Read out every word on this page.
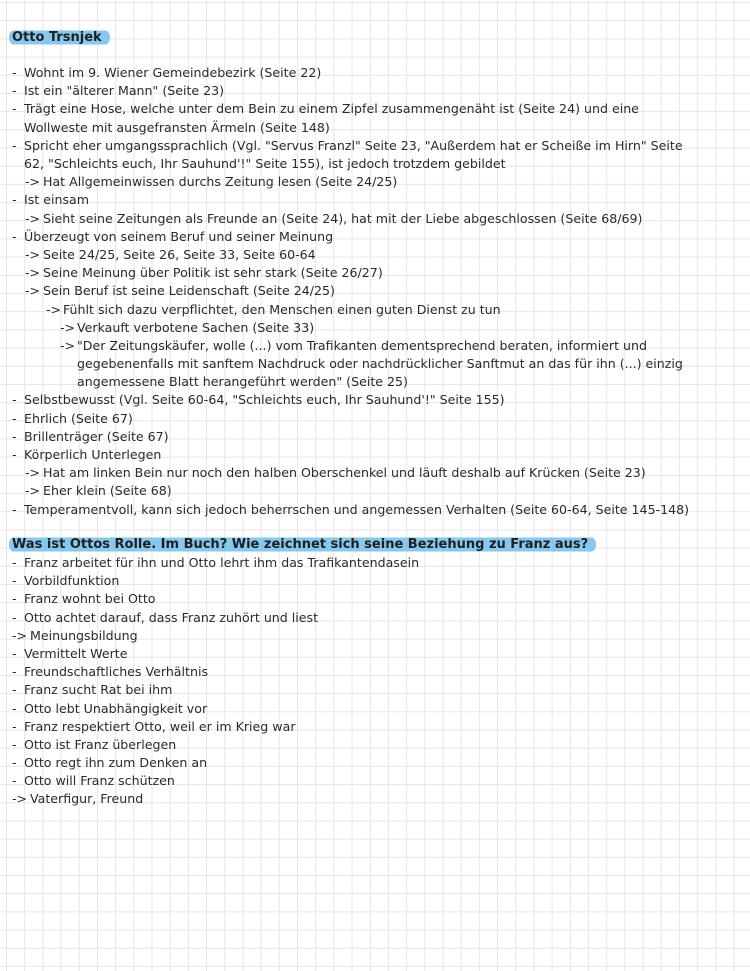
Otto Trsnjek
- Wohnt im 9. Wiener Gemeindebezirk (Seite 22)
- Ist ein "älterer Mann" (Seite 23)
- Trägt eine Hose, welche unter dem Bein zu einem Zipfel zusammengenäht ist (Seite 24) und eine Wollweste mit ausgefransten Ärmeln (Seite 148)
- Spricht eher umgangssprachlich (Vgl. "Servus Franzl" Seite 23, "Außerdem hat er Scheiße im Hirn" Seite 62, "Schleichts euch, Ihr Sauhund'!" Seite 155), ist jedoch trotzdem gebildet
-> Hat Allgemeinwissen durchs Zeitung lesen (Seite 24/25)
- Ist einsam
-> Sieht seine Zeitungen als Freunde an (Seite 24), hat mit der Liebe abgeschlossen (Seite 68/69)
- Überzeugt von seinem Beruf und seiner Meinung
-> Seite 24/25, Seite 26, Seite 33, Seite 60-64
-> Seine Meinung über Politik ist sehr stark (Seite 26/27)
-> Sein Beruf ist seine Leidenschaft (Seite 24/25)
-> Fühlt sich dazu verpflichtet, den Menschen einen guten Dienst zu tun
-> Verkauft verbotene Sachen (Seite 33)
-> "Der Zeitungskäufer, wolle (...) vom Trafikanten dementsprechend beraten, informiert und gegebenenfalls mit sanftem Nachdruck oder nachdrücklicher Sanftmut an das für ihn (...) einzig angemessene Blatt herangeführt werden" (Seite 25)
- Selbstbewusst (Vgl. Seite 60-64, "Schleichts euch, Ihr Sauhund'!" Seite 155)
- Ehrlich (Seite 67)
- Brillenträger (Seite 67)
- Körperlich Unterlegen
-> Hat am linken Bein nur noch den halben Oberschenkel und läuft deshalb auf Krücken (Seite 23)
-> Eher klein (Seite 68)
- Temperamentvoll, kann sich jedoch beherrschen und angemessen Verhalten (Seite 60-64, Seite 145-148)
Was ist Ottos Rolle. Im Buch? Wie zeichnet sich seine Beziehung zu Franz aus?
- Franz arbeitet für ihn und Otto lehrt ihm das Trafikantendasein
- Vorbildfunktion
- Franz wohnt bei Otto
- Otto achtet darauf, dass Franz zuhört und liest
-> Meinungsbildung
- Vermittelt Werte
- Freundschaftliches Verhältnis
- Franz sucht Rat bei ihm
- Otto lebt Unabhängigkeit vor
- Franz respektiert Otto, weil er im Krieg war
- Otto ist Franz überlegen
- Otto regt ihn zum Denken an
- Otto will Franz schützen
-> Vaterfigur, Freund
